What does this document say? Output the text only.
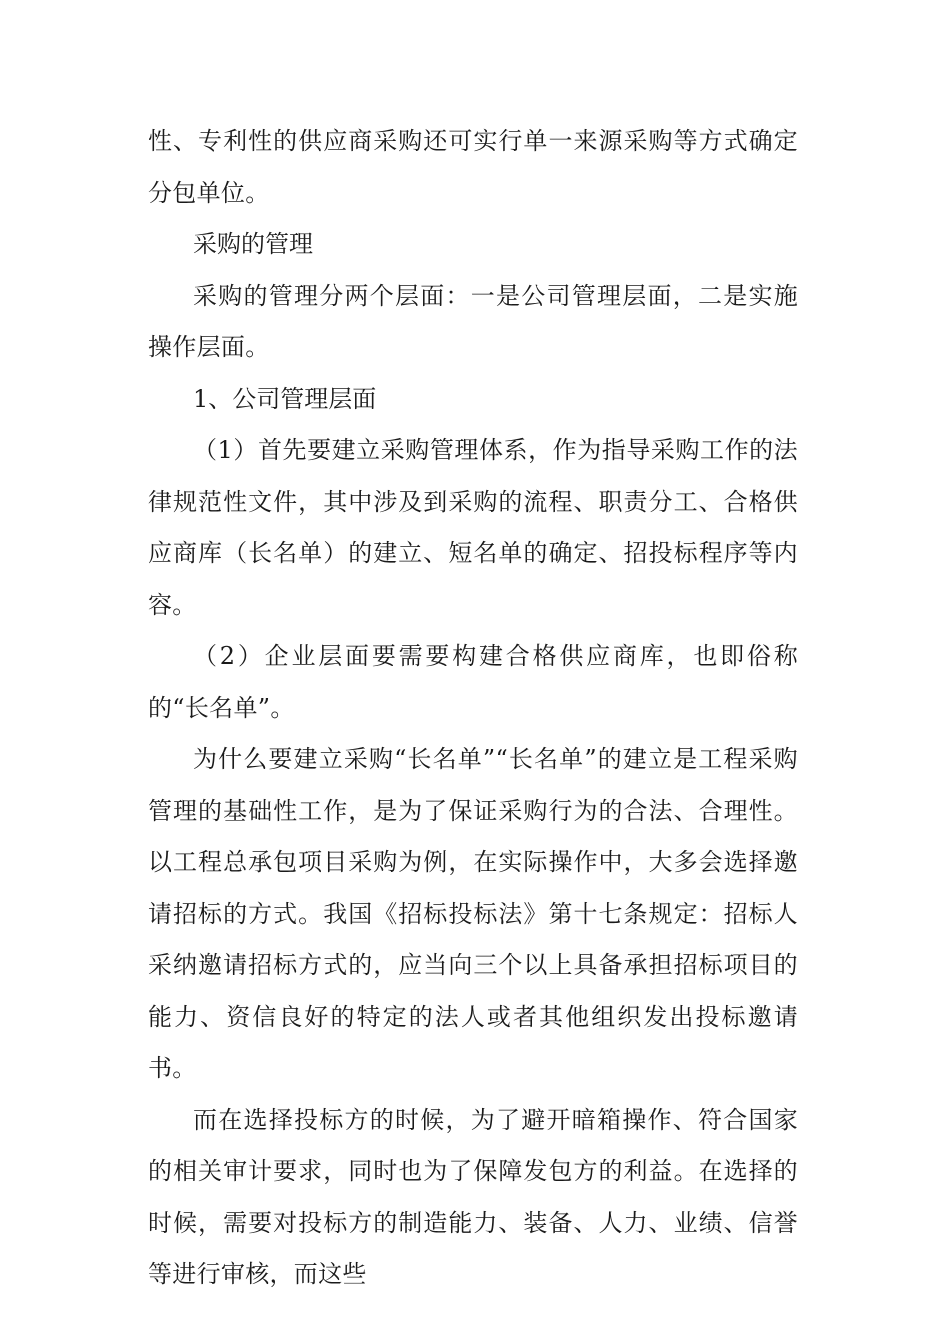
性、专利性的供应商采购还可实行单一来源采购等方式确定分包单位。

采购的管理

采购的管理分两个层面：一是公司管理层面，二是实施操作层面。

1、公司管理层面

（1）首先要建立采购管理体系，作为指导采购工作的法律规范性文件，其中涉及到采购的流程、职责分工、合格供应商库（长名单）的建立、短名单的确定、招投标程序等内容。

（2）企业层面要需要构建合格供应商库，也即俗称的“长名单”。

为什么要建立采购“长名单”“长名单”的建立是工程采购管理的基础性工作，是为了保证采购行为的合法、合理性。以工程总承包项目采购为例，在实际操作中，大多会选择邀请招标的方式。我国《招标投标法》第十七条规定：招标人采纳邀请招标方式的，应当向三个以上具备承担招标项目的能力、资信良好的特定的法人或者其他组织发出投标邀请书。

而在选择投标方的时候，为了避开暗箱操作、符合国家的相关审计要求，同时也为了保障发包方的利益。在选择的时候，需要对投标方的制造能力、装备、人力、业绩、信誉等进行审核，而这些
